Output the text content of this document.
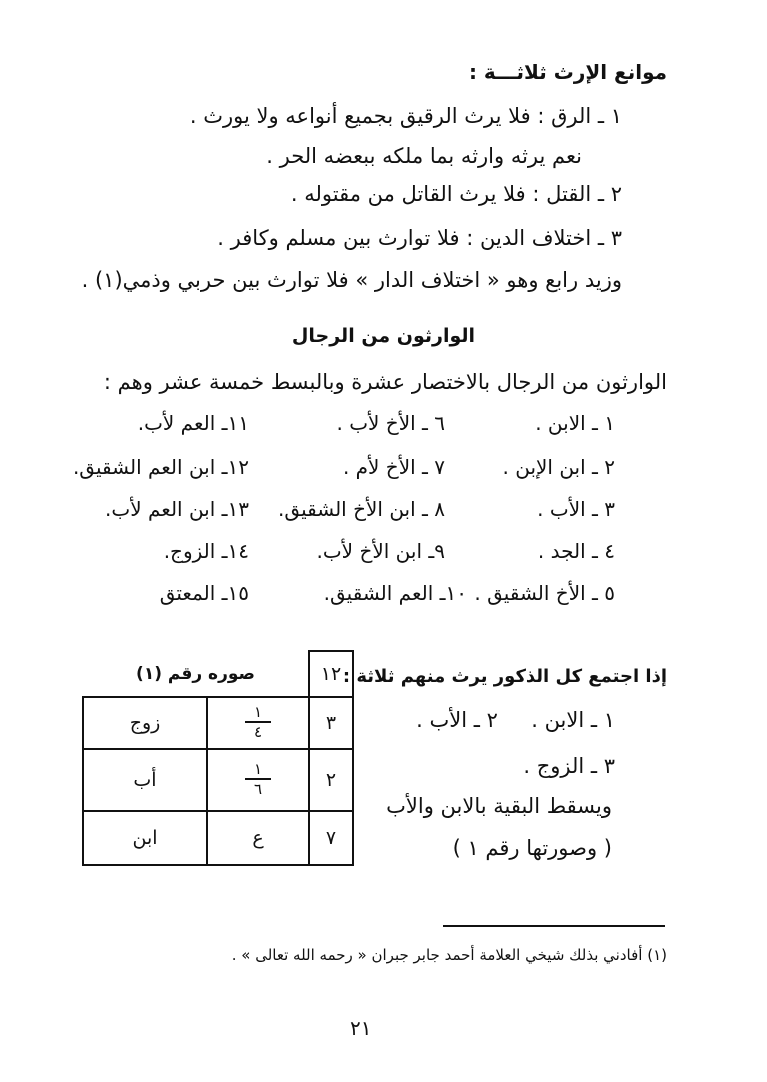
موانع الإرث ثلاثـــة :
١ ـ الرق : فلا يرث الرقيق بجميع أنواعه ولا يورث .
نعم يرثه وارثه بما ملكه ببعضه الحر .
٢ ـ القتل : فلا يرث القاتل من مقتوله .
٣ ـ اختلاف الدين : فلا توارث بين مسلم وكافر .
وزيد رابع وهو « اختلاف الدار » فلا توارث بين حربي وذمي(١) .
الوارثون من الرجال
الوارثون من الرجال بالاختصار عشرة وبالبسط خمسة عشر وهم :
١ ـ الابن .
٢ ـ ابن الإبن .
٣ ـ الأب .
٤ ـ الجد .
٥ ـ الأخ الشقيق .
٦ ـ الأخ لأب .
٧ ـ الأخ لأم .
٨ ـ ابن الأخ الشقيق.
٩ـ ابن الأخ لأب.
١٠ـ العم الشقيق.
١١ـ العم لأب.
١٢ـ ابن العم الشقيق.
١٣ـ ابن العم لأب.
١٤ـ الزوج.
١٥ـ المعتق
إذا اجتمع كل الذكور يرث منهم ثلاثة :
١ ـ الابن .     ٢ ـ الأب .
٣ ـ الزوج .
ويسقط البقية بالابن والأب
( وصورتها رقم ١ )
١٢	صوره رقم (١)	
٣	$\frac{١}{٤}$	زوج
٢	$\frac{١}{٦}$	أب
٧	ع	ابن
(١) أفادني بذلك شيخي العلامة أحمد جابر جبران « رحمه الله تعالى » .
٢١
